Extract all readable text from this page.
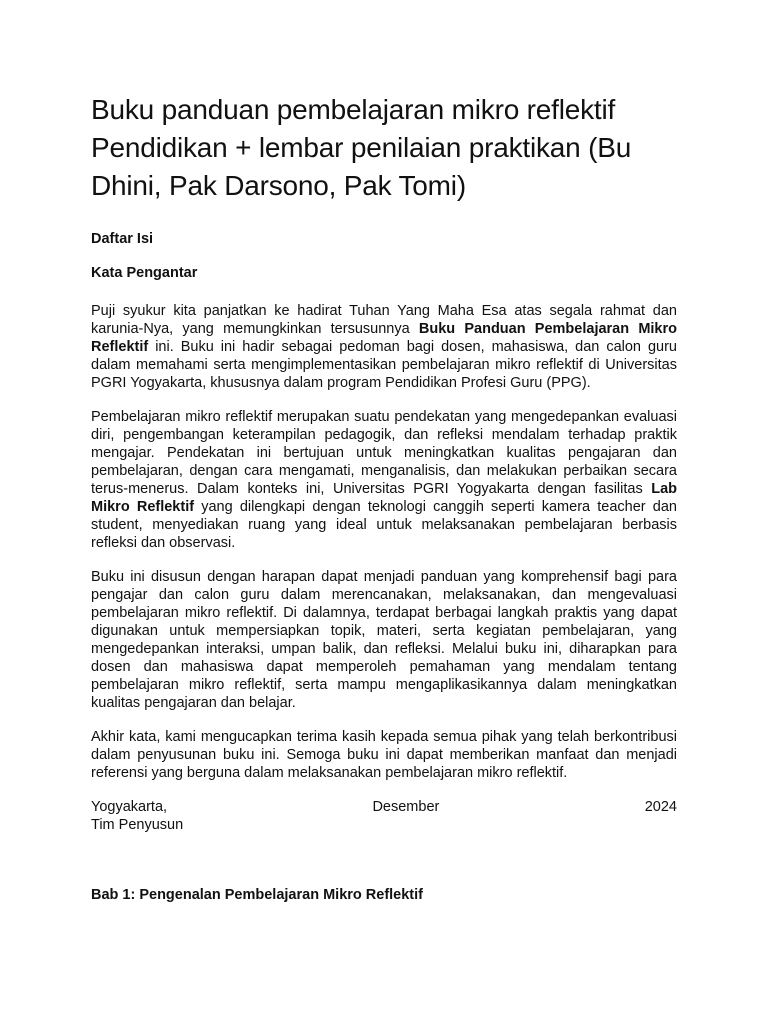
Buku panduan pembelajaran mikro reflektif Pendidikan + lembar penilaian praktikan (Bu Dhini, Pak Darsono, Pak Tomi)
Daftar Isi
Kata Pengantar

Puji syukur kita panjatkan ke hadirat Tuhan Yang Maha Esa atas segala rahmat dan karunia-Nya, yang memungkinkan tersusunnya Buku Panduan Pembelajaran Mikro Reflektif ini. Buku ini hadir sebagai pedoman bagi dosen, mahasiswa, dan calon guru dalam memahami serta mengimplementasikan pembelajaran mikro reflektif di Universitas PGRI Yogyakarta, khususnya dalam program Pendidikan Profesi Guru (PPG).

Pembelajaran mikro reflektif merupakan suatu pendekatan yang mengedepankan evaluasi diri, pengembangan keterampilan pedagogik, dan refleksi mendalam terhadap praktik mengajar. Pendekatan ini bertujuan untuk meningkatkan kualitas pengajaran dan pembelajaran, dengan cara mengamati, menganalisis, dan melakukan perbaikan secara terus-menerus. Dalam konteks ini, Universitas PGRI Yogyakarta dengan fasilitas Lab Mikro Reflektif yang dilengkapi dengan teknologi canggih seperti kamera teacher dan student, menyediakan ruang yang ideal untuk melaksanakan pembelajaran berbasis refleksi dan observasi.

Buku ini disusun dengan harapan dapat menjadi panduan yang komprehensif bagi para pengajar dan calon guru dalam merencanakan, melaksanakan, dan mengevaluasi pembelajaran mikro reflektif. Di dalamnya, terdapat berbagai langkah praktis yang dapat digunakan untuk mempersiapkan topik, materi, serta kegiatan pembelajaran, yang mengedepankan interaksi, umpan balik, dan refleksi. Melalui buku ini, diharapkan para dosen dan mahasiswa dapat memperoleh pemahaman yang mendalam tentang pembelajaran mikro reflektif, serta mampu mengaplikasikannya dalam meningkatkan kualitas pengajaran dan belajar.

Akhir kata, kami mengucapkan terima kasih kepada semua pihak yang telah berkontribusi dalam penyusunan buku ini. Semoga buku ini dapat memberikan manfaat dan menjadi referensi yang berguna dalam melaksanakan pembelajaran mikro reflektif.

Yogyakarta,	Desember	2024

Tim Penyusun

Bab 1: Pengenalan Pembelajaran Mikro Reflektif
